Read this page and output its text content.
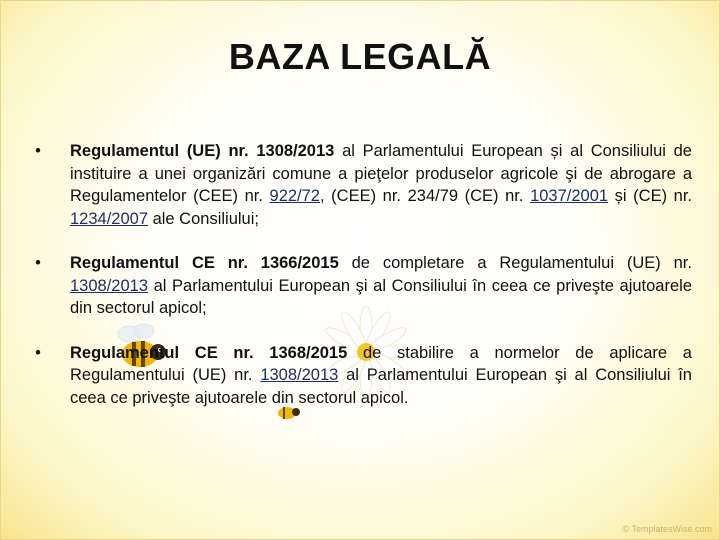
BAZA LEGALĂ
•	Regulamentul (UE) nr. 1308/2013 al Parlamentului European și al Consiliului de instituire a unei organizări comune a pieţelor produselor agricole şi de abrogare a Regulamentelor (CEE) nr. 922/72, (CEE) nr. 234/79 (CE) nr. 1037/2001 și (CE) nr. 1234/2007 ale Consiliului;
•	Regulamentul CE nr. 1366/2015 de completare a Regulamentului (UE) nr. 1308/2013 al Parlamentului European şi al Consiliului în ceea ce priveşte ajutoarele din sectorul apicol;
•	Regulamentul CE nr. 1368/2015 de stabilire a normelor de aplicare a Regulamentului (UE) nr. 1308/2013 al Parlamentului European şi al Consiliului în ceea ce priveşte ajutoarele din sectorul apicol.
© TemplatesWise.com
